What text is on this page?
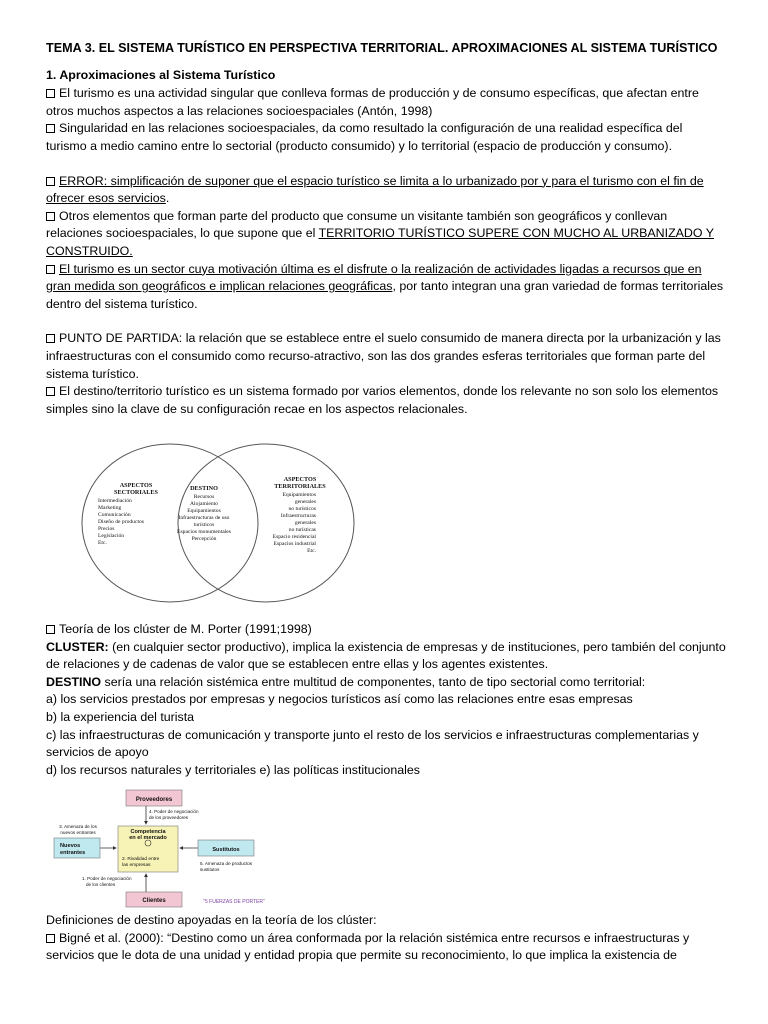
TEMA 3. EL SISTEMA TURÍSTICO EN PERSPECTIVA TERRITORIAL. APROXIMACIONES AL SISTEMA TURÍSTICO
1. Aproximaciones al Sistema Turístico

El turismo es una actividad singular que conlleva formas de producción y de consumo específicas, que afectan entre otros muchos aspectos a las relaciones socioespaciales (Antón, 1998)

Singularidad en las relaciones socioespaciales, da como resultado la configuración de una realidad específica del turismo a medio camino entre lo sectorial (producto consumido) y lo territorial (espacio de producción y consumo).

ERROR: simplificación de suponer que el espacio turístico se limita a lo urbanizado por y para el turismo con el fin de ofrecer esos servicios.

Otros elementos que forman parte del producto que consume un visitante también son geográficos y conllevan relaciones socioespaciales, lo que supone que el TERRITORIO TURÍSTICO SUPERE CON MUCHO AL URBANIZADO Y CONSTRUIDO.

El turismo es un sector cuya motivación última es el disfrute o la realización de actividades ligadas a recursos que en gran medida son geográficos e implican relaciones geográficas, por tanto integran una gran variedad de formas territoriales dentro del sistema turístico.

PUNTO DE PARTIDA: la relación que se establece entre el suelo consumido de manera directa por la urbanización y las infraestructuras con el consumido como recurso-atractivo, son las dos grandes esferas territoriales que forman parte del sistema turístico.

El destino/territorio turístico es un sistema formado por varios elementos, donde los relevante no son solo los elementos simples sino la clave de su configuración recae en los aspectos relacionales.

ASPECTOS
SECTORIALES
DESTINO
ASPECTOS
TERRITORIALES
Intermediación
Marketing
Comunicación
Diseño de productos
Precios
Legislación
Etc.
Recursos
Alojamiento
Equipamientos
Infraestructuras de uso
turísticos
Espacios monumentales
Percepción
Equipamientos
generales
no turísticos
Infraestructuras
generales
no turísticas
Espacio residencial
Espacios industrial
Etc.

Teoría de los clúster de M. Porter (1991;1998)

CLUSTER: (en cualquier sector productivo), implica la existencia de empresas y de instituciones, pero también del conjunto de relaciones y de cadenas de valor que se establecen entre ellas y los agentes existentes.

DESTINO sería una relación sistémica entre multitud de componentes, tanto de tipo sectorial como territorial:

a) los servicios prestados por empresas y negocios turísticos así como las relaciones entre esas empresas

b) la experiencia del turista

c) las infraestructuras de comunicación y transporte junto el resto de los servicios e infraestructuras complementarias y servicios de apoyo

d) los recursos naturales y territoriales e) las políticas institucionales

Proveedores
4. Poder de negociación
de los proveedores
3. Amenaza de los
nuevos entrantes
Nuevos
entrantes
Competencia
en el mercado
2. Rivalidad entre
las empresas
Sustitutos
5. Amenaza de productos
sustitutos
1. Poder de negociación
de los clientes
Clientes	"5 FUERZAS DE PORTER"

Definiciones de destino apoyadas en la teoría de los clúster:

Bigné et al. (2000): “Destino como un área conformada por la relación sistémica entre recursos e infraestructuras y servicios que le dota de una unidad y entidad propia que permite su reconocimiento, lo que implica la existencia de
